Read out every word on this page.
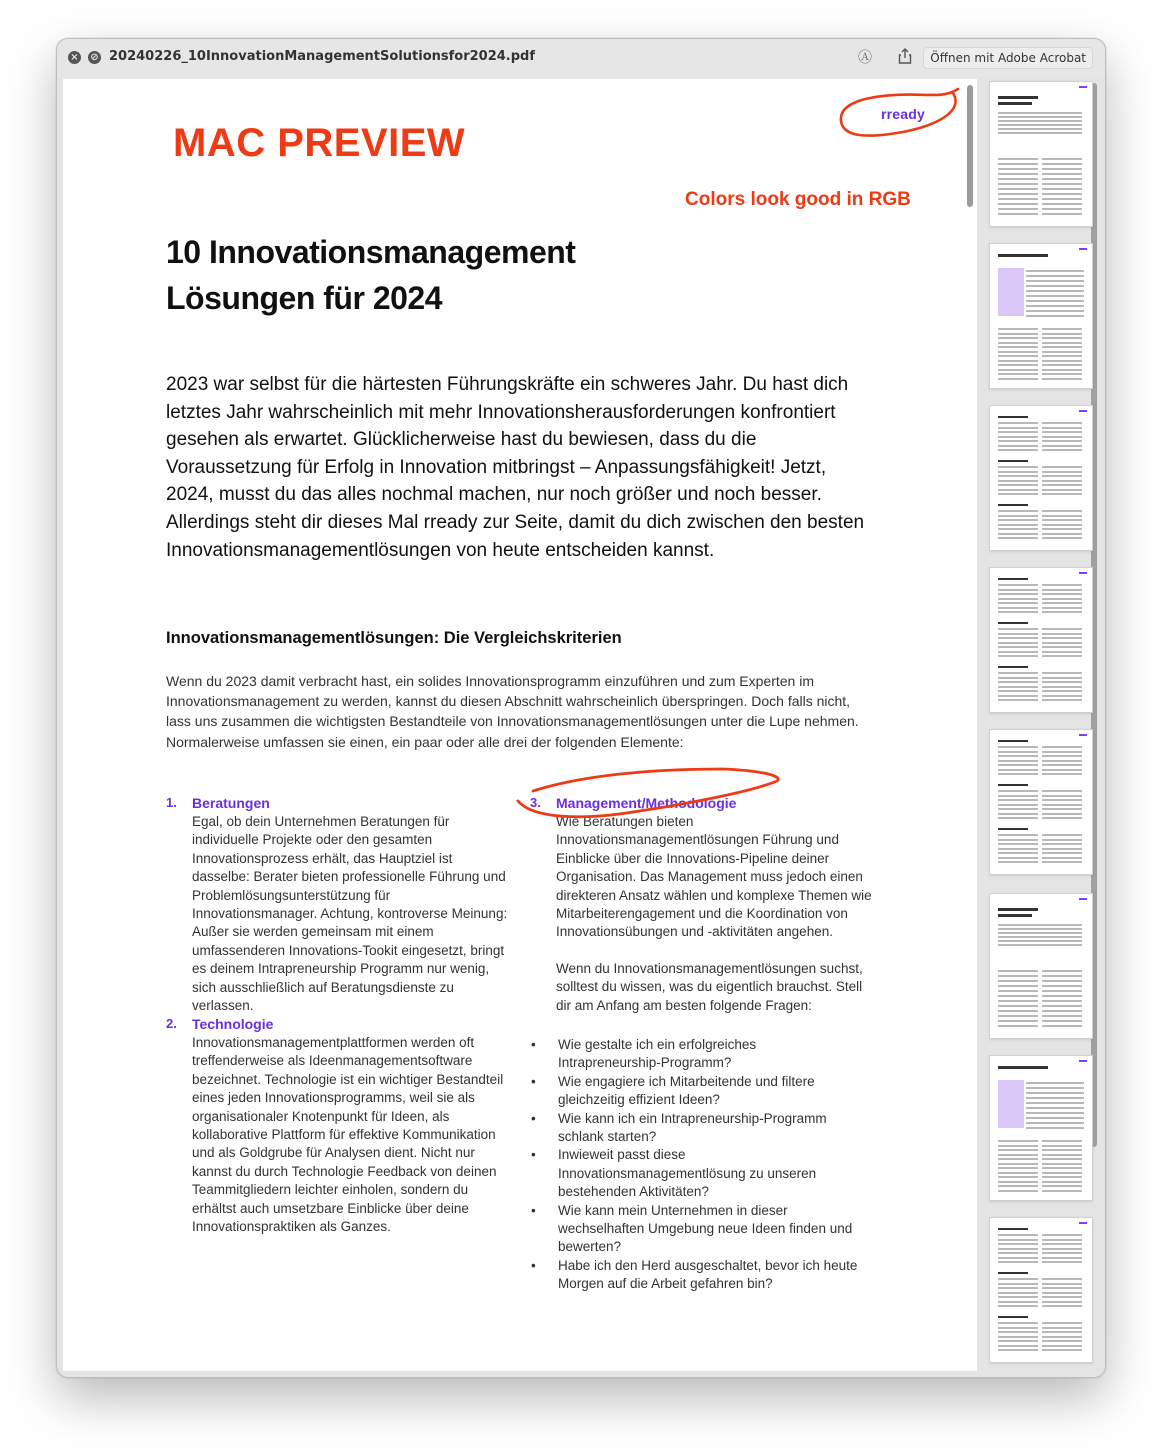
× ⊘ 20240226_10InnovationManagementSolutionsfor2024.pdf	Ⓐ	Öffnen mit Adobe Acrobat
MAC PREVIEW
Colors look good in RGB
rready
10 Innovationsmanagement
Lösungen für 2024
2023 war selbst für die härtesten Führungskräfte ein schweres Jahr. Du hast dich letztes Jahr wahrscheinlich mit mehr Innovationsherausforderungen konfrontiert gesehen als erwartet. Glücklicherweise hast du bewiesen, dass du die Voraussetzung für Erfolg in Innovation mitbringst – Anpassungsfähigkeit! Jetzt, 2024, musst du das alles nochmal machen, nur noch größer und noch besser. Allerdings steht dir dieses Mal rready zur Seite, damit du dich zwischen den besten Innovationsmanagementlösungen von heute entscheiden kannst.
Innovationsmanagementlösungen: Die Vergleichskriterien
Wenn du 2023 damit verbracht hast, ein solides Innovationsprogramm einzuführen und zum Experten im Innovationsmanagement zu werden, kannst du diesen Abschnitt wahrscheinlich überspringen. Doch falls nicht, lass uns zusammen die wichtigsten Bestandteile von Innovationsmanagementlösungen unter die Lupe nehmen. Normalerweise umfassen sie einen, ein paar oder alle drei der folgenden Elemente:
1. Beratungen
Egal, ob dein Unternehmen Beratungen für individuelle Projekte oder den gesamten Innovationsprozess erhält, das Hauptziel ist dasselbe: Berater bieten professionelle Führung und Problemlösungsunterstützung für Innovationsmanager. Achtung, kontroverse Meinung: Außer sie werden gemeinsam mit einem umfassenderen Innovations-Tookit eingesetzt, bringt es deinem Intrapreneurship Programm nur wenig, sich ausschließlich auf Beratungsdienste zu verlassen.
2. Technologie
Innovationsmanagementplattformen werden oft treffenderweise als Ideenmanagementsoftware bezeichnet. Technologie ist ein wichtiger Bestandteil eines jeden Innovationsprogramms, weil sie als organisationaler Knotenpunkt für Ideen, als kollaborative Plattform für effektive Kommunikation und als Goldgrube für Analysen dient. Nicht nur kannst du durch Technologie Feedback von deinen Teammitgliedern leichter einholen, sondern du erhältst auch umsetzbare Einblicke über deine Innovationspraktiken als Ganzes.
3. Management/Methodologie
Wie Beratungen bieten Innovationsmanagementlösungen Führung und Einblicke über die Innovations-Pipeline deiner Organisation. Das Management muss jedoch einen direkteren Ansatz wählen und komplexe Themen wie Mitarbeiterengagement und die Koordination von Innovationsübungen und -aktivitäten angehen.
Wenn du Innovationsmanagementlösungen suchst, solltest du wissen, was du eigentlich brauchst. Stell dir am Anfang am besten folgende Fragen:
• Wie gestalte ich ein erfolgreiches Intrapreneurship-Programm?
• Wie engagiere ich Mitarbeitende und filtere gleichzeitig effizient Ideen?
• Wie kann ich ein Intrapreneurship-Programm schlank starten?
• Inwieweit passt diese Innovationsmanagementlösung zu unseren bestehenden Aktivitäten?
• Wie kann mein Unternehmen in dieser wechselhaften Umgebung neue Ideen finden und bewerten?
• Habe ich den Herd ausgeschaltet, bevor ich heute Morgen auf die Arbeit gefahren bin?
